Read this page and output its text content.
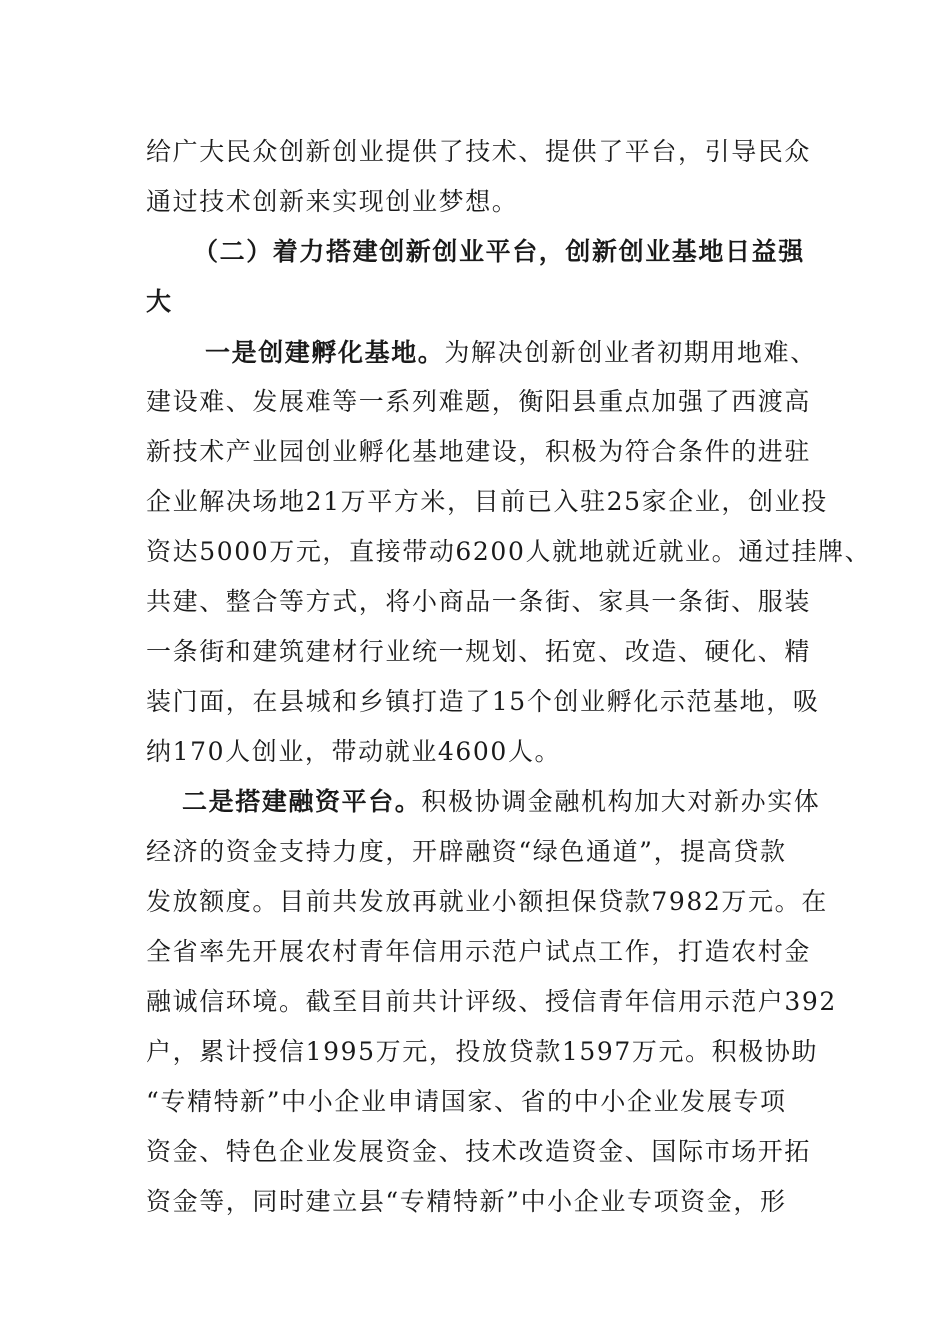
给广大民众创新创业提供了技术、提供了平台，引导民众
通过技术创新来实现创业梦想。
（二）着力搭建创新创业平台，创新创业基地日益强
大
一是创建孵化基地。为解决创新创业者初期用地难、
建设难、发展难等一系列难题，衡阳县重点加强了西渡高
新技术产业园创业孵化基地建设，积极为符合条件的进驻
企业解决场地21万平方米，目前已入驻25家企业，创业投
资达5000万元，直接带动6200人就地就近就业。通过挂牌、
共建、整合等方式，将小商品一条街、家具一条街、服装
一条街和建筑建材行业统一规划、拓宽、改造、硬化、精
装门面，在县城和乡镇打造了15个创业孵化示范基地，吸
纳170人创业，带动就业4600人。
二是搭建融资平台。积极协调金融机构加大对新办实体
经济的资金支持力度，开辟融资“绿色通道”，提高贷款
发放额度。目前共发放再就业小额担保贷款7982万元。在
全省率先开展农村青年信用示范户试点工作，打造农村金
融诚信环境。截至目前共计评级、授信青年信用示范户392
户，累计授信1995万元，投放贷款1597万元。积极协助
“专精特新”中小企业申请国家、省的中小企业发展专项
资金、特色企业发展资金、技术改造资金、国际市场开拓
资金等，同时建立县“专精特新”中小企业专项资金，形
